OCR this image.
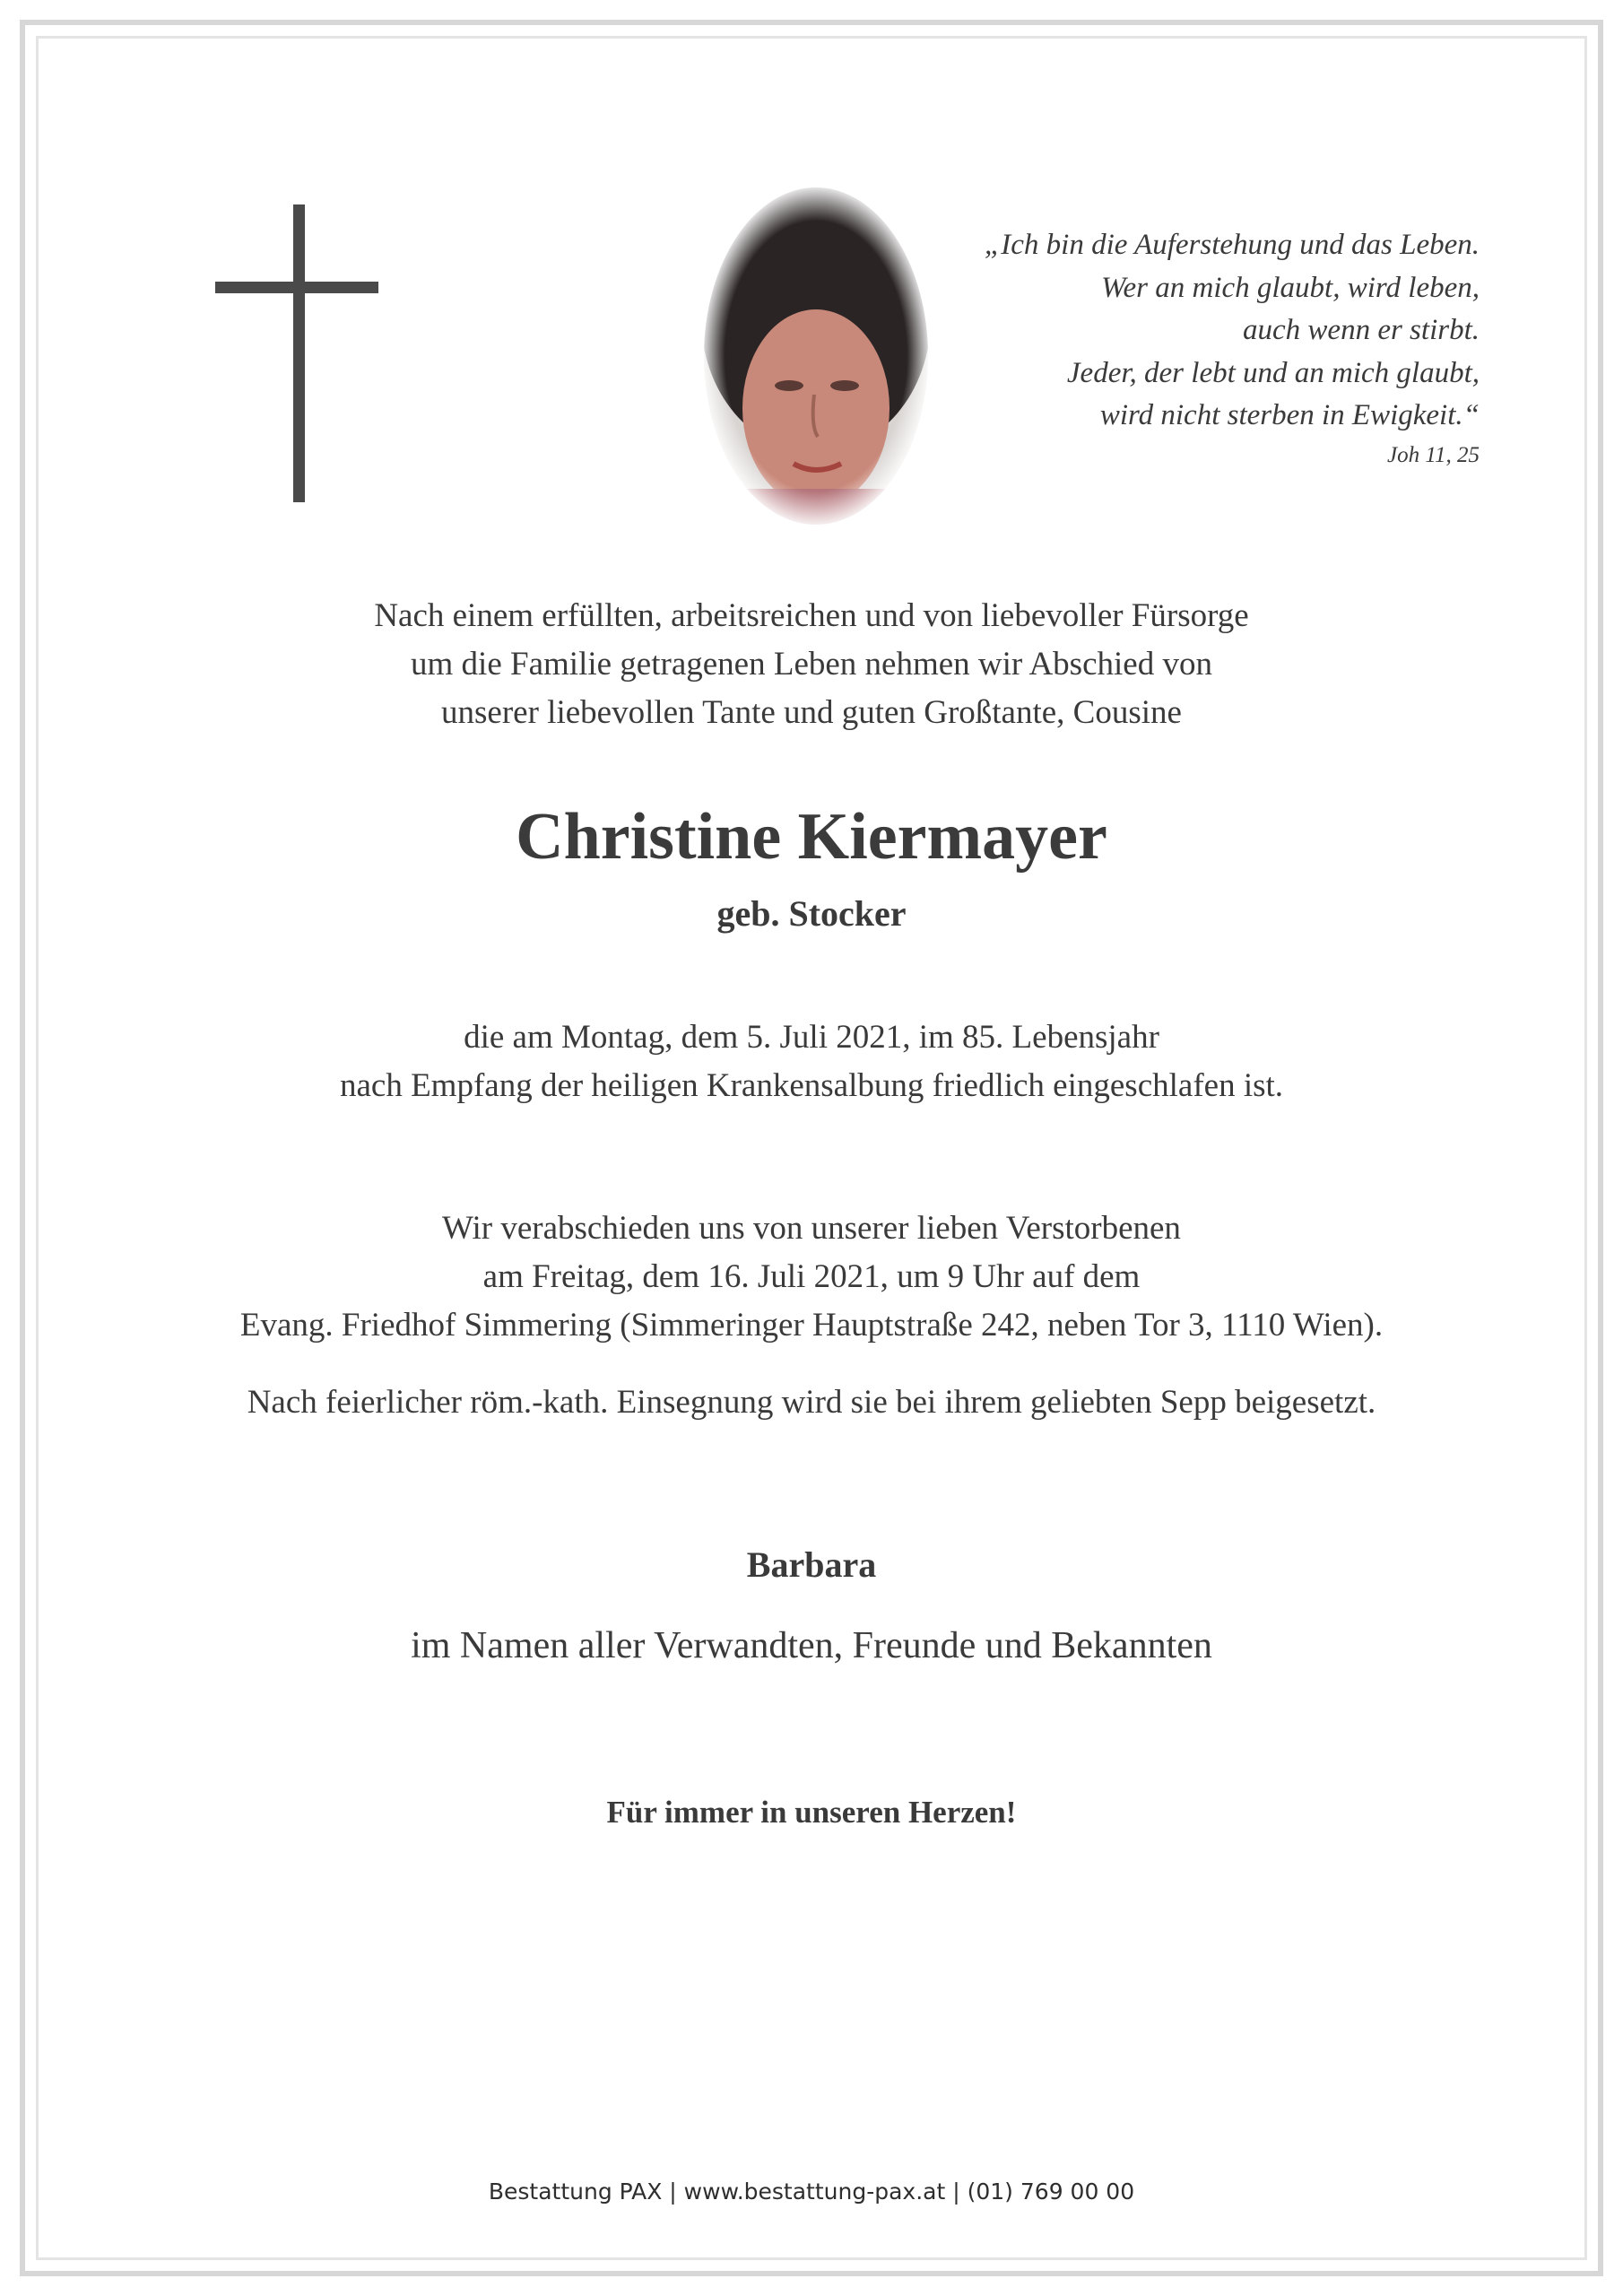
„Ich bin die Auferstehung und das Leben.
Wer an mich glaubt, wird leben,
auch wenn er stirbt.
Jeder, der lebt und an mich glaubt,
wird nicht sterben in Ewigkeit.“
Joh 11, 25
Nach einem erfüllten, arbeitsreichen und von liebevoller Fürsorge
um die Familie getragenen Leben nehmen wir Abschied von
unserer liebevollen Tante und guten Großtante, Cousine
Christine Kiermayer
geb. Stocker
die am Montag, dem 5. Juli 2021, im 85. Lebensjahr
nach Empfang der heiligen Krankensalbung friedlich eingeschlafen ist.
Wir verabschieden uns von unserer lieben Verstorbenen
am Freitag, dem 16. Juli 2021, um 9 Uhr auf dem
Evang. Friedhof Simmering (Simmeringer Hauptstraße 242, neben Tor 3, 1110 Wien).
Nach feierlicher röm.-kath. Einsegnung wird sie bei ihrem geliebten Sepp beigesetzt.
Barbara
im Namen aller Verwandten, Freunde und Bekannten
Für immer in unseren Herzen!
Bestattung PAX | www.bestattung-pax.at | (01) 769 00 00
